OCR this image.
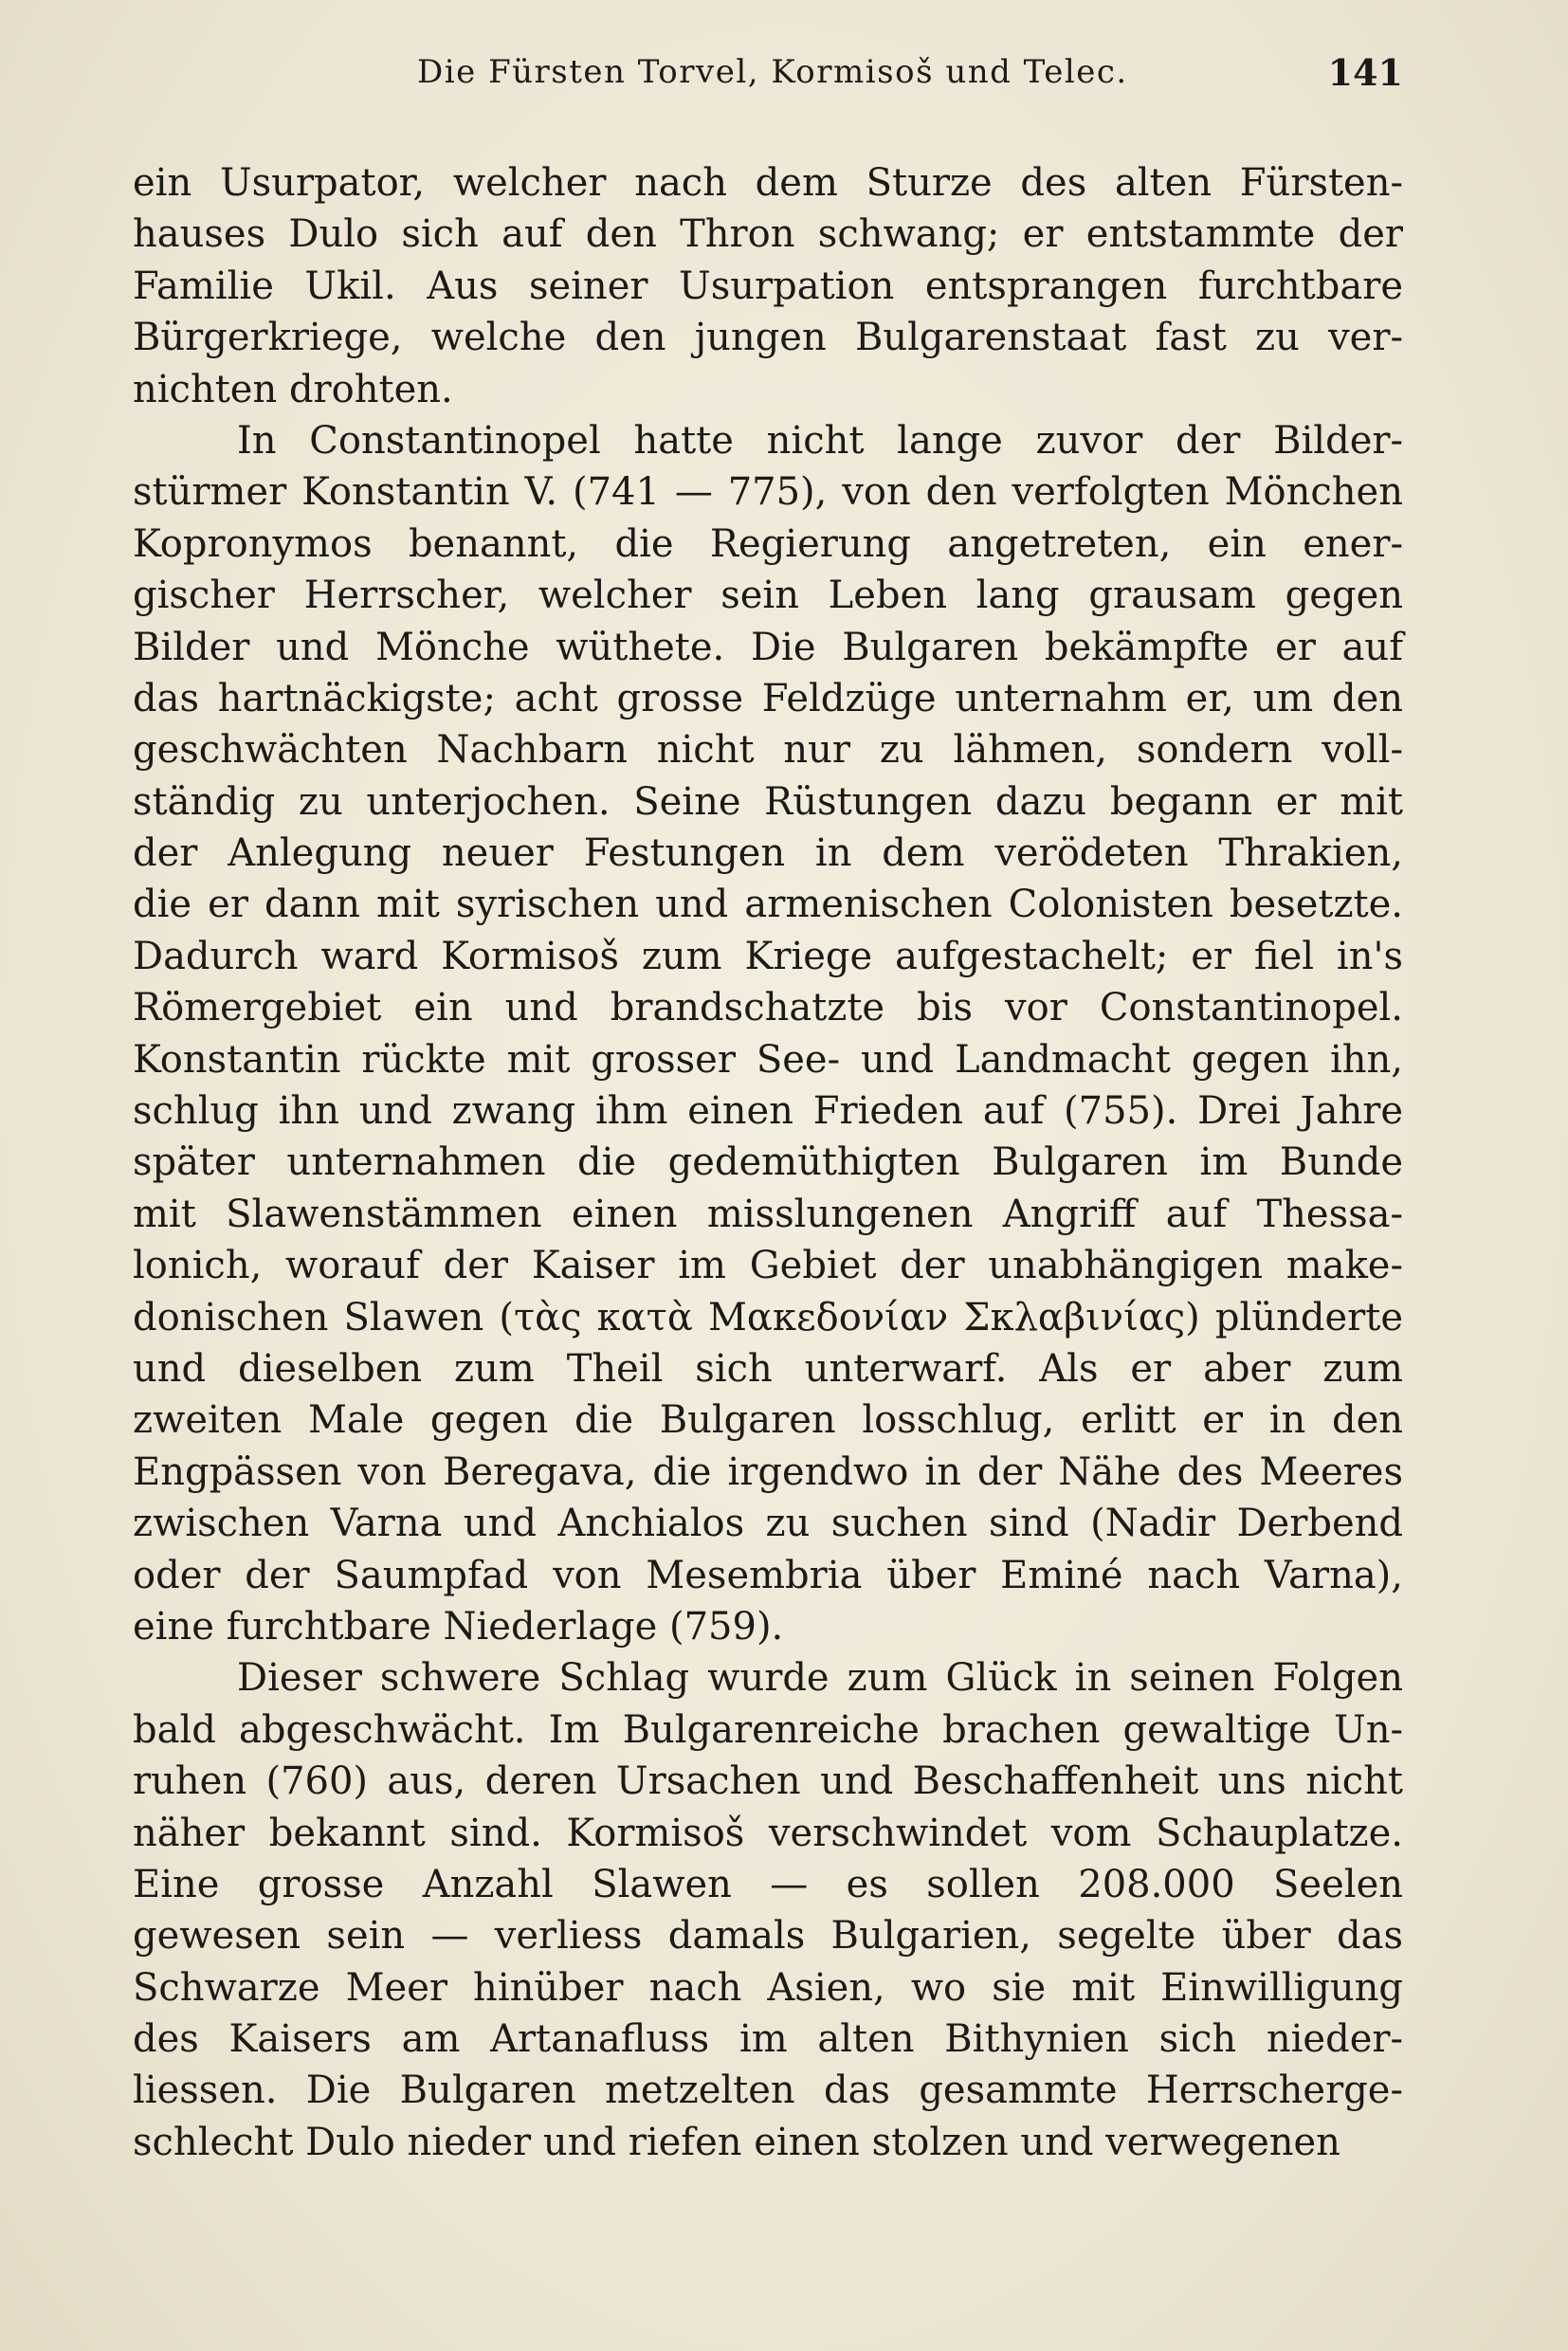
Die Fürsten Torvel, Kormisoš und Telec.	141
ein Usurpator, welcher nach dem Sturze des alten Fürsten-
hauses Dulo sich auf den Thron schwang; er entstammte der
Familie Ukil. Aus seiner Usurpation entsprangen furchtbare
Bürgerkriege, welche den jungen Bulgarenstaat fast zu ver-
nichten drohten.
In Constantinopel hatte nicht lange zuvor der Bilder-
stürmer Konstantin V. (741 — 775), von den verfolgten Mönchen
Kopronymos benannt, die Regierung angetreten, ein ener-
gischer Herrscher, welcher sein Leben lang grausam gegen
Bilder und Mönche wüthete. Die Bulgaren bekämpfte er auf
das hartnäckigste; acht grosse Feldzüge unternahm er, um den
geschwächten Nachbarn nicht nur zu lähmen, sondern voll-
ständig zu unterjochen. Seine Rüstungen dazu begann er mit
der Anlegung neuer Festungen in dem verödeten Thrakien,
die er dann mit syrischen und armenischen Colonisten besetzte.
Dadurch ward Kormisoš zum Kriege aufgestachelt; er fiel in's
Römergebiet ein und brandschatzte bis vor Constantinopel.
Konstantin rückte mit grosser See- und Landmacht gegen ihn,
schlug ihn und zwang ihm einen Frieden auf (755). Drei Jahre
später unternahmen die gedemüthigten Bulgaren im Bunde
mit Slawenstämmen einen misslungenen Angriff auf Thessa-
lonich, worauf der Kaiser im Gebiet der unabhängigen make-
donischen Slawen (τὰς κατὰ Μακεδονίαν Σκλαβινίας) plünderte
und dieselben zum Theil sich unterwarf. Als er aber zum
zweiten Male gegen die Bulgaren losschlug, erlitt er in den
Engpässen von Beregava, die irgendwo in der Nähe des Meeres
zwischen Varna und Anchialos zu suchen sind (Nadir Derbend
oder der Saumpfad von Mesembria über Eminé nach Varna),
eine furchtbare Niederlage (759).
Dieser schwere Schlag wurde zum Glück in seinen Folgen
bald abgeschwächt. Im Bulgarenreiche brachen gewaltige Un-
ruhen (760) aus, deren Ursachen und Beschaffenheit uns nicht
näher bekannt sind. Kormisoš verschwindet vom Schauplatze.
Eine grosse Anzahl Slawen — es sollen 208.000 Seelen
gewesen sein — verliess damals Bulgarien, segelte über das
Schwarze Meer hinüber nach Asien, wo sie mit Einwilligung
des Kaisers am Artanafluss im alten Bithynien sich nieder-
liessen. Die Bulgaren metzelten das gesammte Herrscherge-
schlecht Dulo nieder und riefen einen stolzen und verwegenen
